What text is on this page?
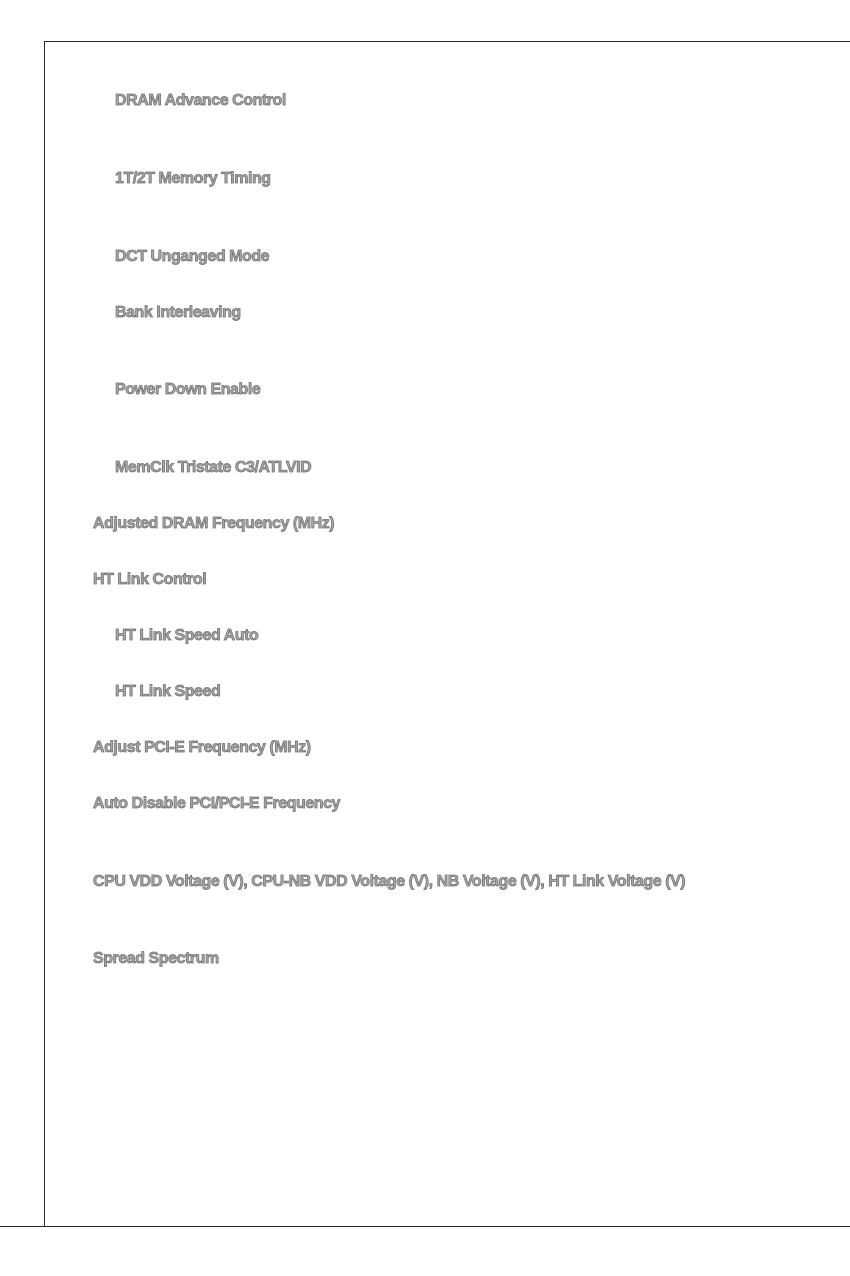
DRAM Advance Control

1T/2T Memory Timing

DCT Unganged Mode

Bank Interleaving

Power Down Enable

MemClk Tristate C3/ATLVID

Adjusted DRAM Frequency (MHz)

HT Link Control

HT Link Speed Auto

HT Link Speed

Adjust PCI-E Frequency (MHz)

Auto Disable PCI/PCI-E Frequency

CPU VDD Voltage (V), CPU-NB VDD Voltage (V), NB Voltage (V), HT Link Voltage (V)

Spread Spectrum
